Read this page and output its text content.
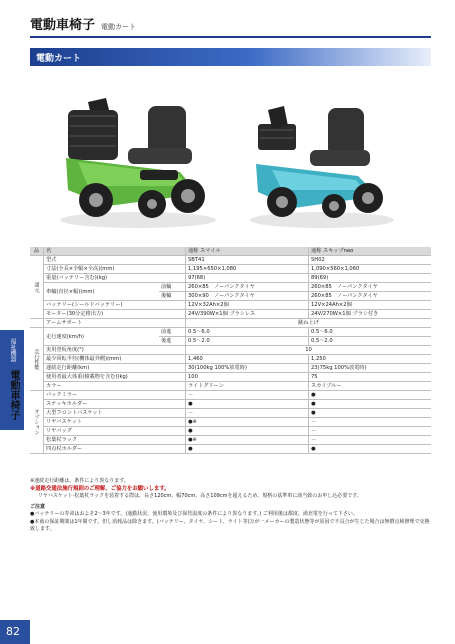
電動車椅子 電動カート
電動カート
品	名		通称 スマイル	通称 スキップneo
諸元	型式		SBT41	SH02
	寸法(全長×全幅×全高)(mm)		1,195×650×1,080	1,090×560×1,060
	重量(バッテリー含む)(kg)		97(68)	89(69)
	車輪(直径×幅)(mm)	前輪	260×85　ノーパンクタイヤ	260×85　ノーパンクタイヤ
		後輪	300×90　ノーパンクタイヤ	260×85　ノーパンクタイヤ
	バッテリー(シールドバッテリー)		12V×32Ah×2個	12V×24Ah×2個
	モーター(30分定格出力)		24V/390W×1個 ブラシレス	24V/270W×1個 ブラシ付き
	アームサポート		跳ね上げ	
走行性能	走行速度(km/h)	前進	0.5～6.0	0.5～6.0
		後進	0.5～2.0	0.5～2.0
	実用登坂角度(°)		10	
	最少回転半径(機体最外側)(mm)		1,460	1,250
	連続走行距離(km)		30(100kg 100%放電時)	23(75kg 100%放電時)
	使用者最大体重(積載物を含む)(kg)		100	75
	カラー		ライトグリーン	スカイブルー
オプション	バックミラー		－	●
	ステッキホルダー		●	●
	大型フロントバスケット		－	●
	リヤバスケット		●※	－
	リヤバッグ		●	－
	松葉杖ラック		●※	－
	四点杖ホルダー		●	●
※連続走行距離は、条件により異なります。
※道路交通法施行規則のご理解、ご協力をお願いします。
リヤバスケット·松葉杖ラックを装着する際は、長さ120cm、幅70cm、高さ109cmを超えるため、規格の基準車に該当致のお申し込必要です。
ご注意
●バッテリーの寿命はおよそ2～3年です。(通勤状況、使用環境及び保管温度の条件により異なります。) ご利用後は都度、満充電を行って下さい。
●本商の保証期間は1年間です。但し消耗品は除きます。(バッテリー、タイヤ、シート、ライト等)万が一メーカーの製造状態等が原因で不具合が生じた場合は無償点検修理で交換致します。
福祉機器
電動車椅子
82
